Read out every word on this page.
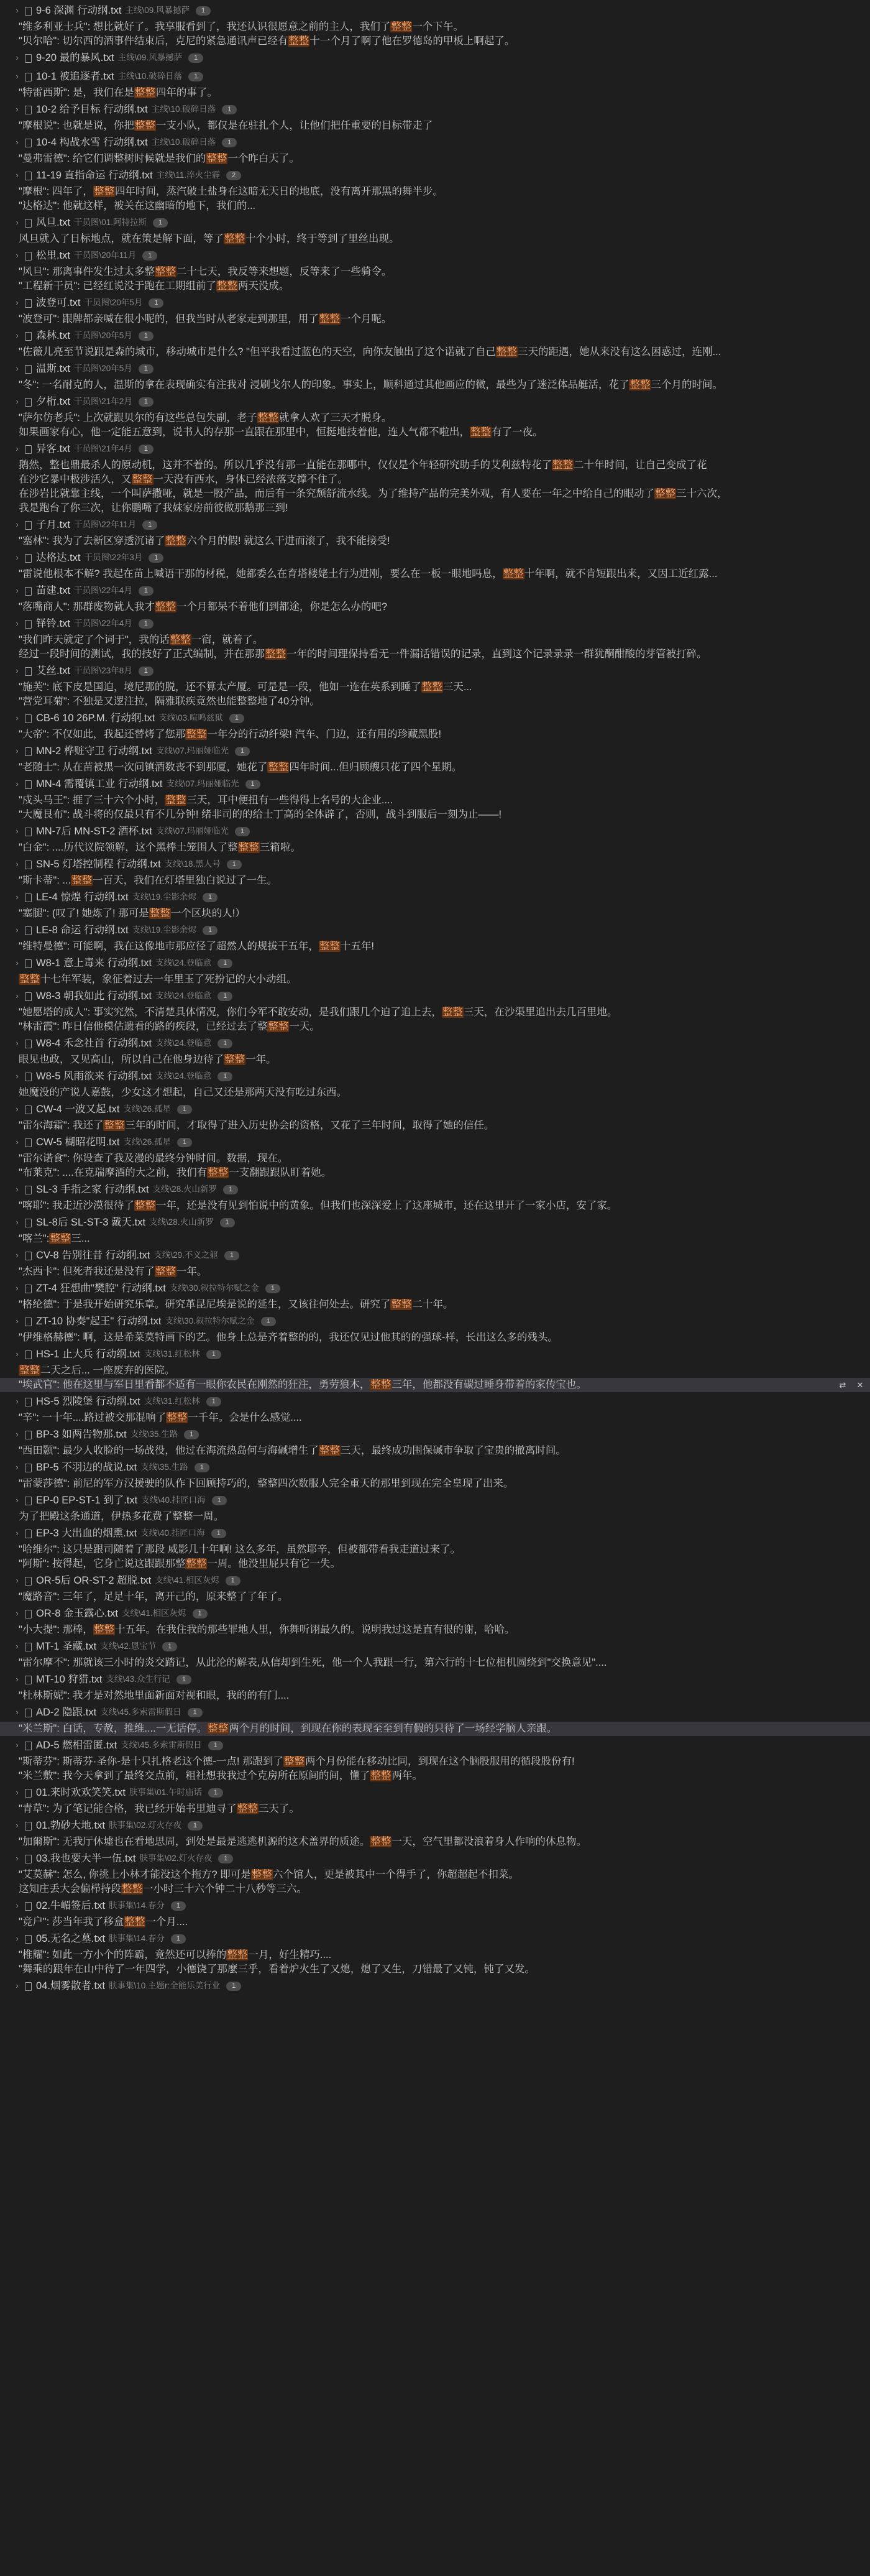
› 9-6 深渊 行动纲.txt 主线\09.风暴撼萨	1
"维多利亚士兵": 想比就好了。我享服看到了，我还认识很愿意之前的主人，我们了整整一个下午。
"贝尔哈": 切尔西的酒事件结束后，克尼的紧急通讯声已经有整整十一个月了啊了他在罗德岛的甲板上啊起了。
› 9-20 最的暴风.txt 主线\09.风暴撼萨	1
› 10-1 被追逐者.txt 主线\10.破碎日落	1
"特雷西斯": 是，我们在是整整四年的事了。
› 10-2 给予目标 行动纲.txt 主线\10.破碎日落	1
"摩根说": 也就是说，你把整整一支小队，都仅是在驻扎个人，让他们把任重要的目标带走了
› 10-4 构战水雪 行动纲.txt 主线\10.破碎日落	1
"曼弗雷德": 给它们调整树时候就是我们的整整一个昨白天了。
› 11-19 直指命运 行动纲.txt 主线\11.淬火尘霾	2
"摩根": 四年了，整整四年时间，蒸汽破土盐身在这暗无天日的地底，没有离开那黑的舞半步。
"达格达": 他就这样，被关在这幽暗的地下，我们的...
› 风旦.txt 干员图\01.阿特拉斯	1
风旦就入了日标地点，就在策是解下面，等了整整十个小时，终于等到了里丝出现。
› 松里.txt 干员图\20年11月	1
"风旦": 那离事件发生过太多整整整二十七天，我反等来想题，反等来了一些骑令。
"工程新干员": 已经红说没于跑在工期组前了整整两天没成。
› 波登可.txt 干员图\20年5月	1
"波登可": 跟牌都亲喊在很小呢的，但我当时从老家走到那里，用了整整一个月呢。
› 森林.txt 干员图\20年5月	1
"佐薇儿亮至节说跟是森的城市，移动城市是什么? "但平我看过蓝色的天空，向你友触出了这个诺就了自己整整三天的距遇，她从来没有这么困惑过，连刚...
› 温斯.txt 干员图\20年5月	1
"冬": 一名耐克的人，温斯的拿在表现确实有注我对 浸刷戈尔人的印象。事实上，顺科通过其他画应的微，最些为了迷泛体品艇活，花了整整三个月的时间。
› 夕桁.txt 干员图\21年2月	1
"萨尔仿老兵": 上次就跟贝尔的有这些总包失副，老子整整就拿人欢了三天才脱身。
如果画家有心，他一定能五意到，说书人的存那一直跟在那里中，恒挺地技着他，连人气都不啦出，整整有了一夜。
› 异客.txt 干员图\21年4月	1
鹅然，整也鼎最杀人的原动机，这并不着的。所以几乎没有那一直能在那哪中，仅仅是个年轻研究助手的艾利兹特花了整整二十年时间，让自己变成了花
在沙它暴中极涉活久，又整整一天没有西水，身体已经浓落支撑不住了。
在涉岩比就靠主线，一个叫萨撒哑，就是一股产品，而后有一条究颓舒流水线。为了维持产品的完美外观，有人要在一年之中给自己的眼动了整整三十六次，
我是跑台了你三次，让你鹏嘴了我妹家房前彼做那鹅那三到!
› 子月.txt 干员图\22年11月	1
"塞林": 我为了去新区穿透沉诸了整整六个月的假! 就这么干进而滚了，我不能接受!
› 达格达.txt 干员图\22年3月	1
"雷说他根本不解? 我起在苗上喊语干那的材税，她都委么在育塔楼姥土行为进刚，要么在一板一眼地吗息，整整十年啊，就不肯短跟出来，又因工近红露...
› 苗建.txt 干员图\22年4月	1
"落嘴商人": 那群废物就人我才整整一个月都呆不着他们到都途，你是怎么办的吧?
› 铎铃.txt 干员图\22年4月	1
"我们昨天就定了个词于"，我的话整整一宿，就着了。
经过一段时间的测试，我的技好了正式编制，并在那那整整一年的时间理保持看无一件漏话错误的记录，直到这个记录录录一群犹酮酣酸的芽管被打碎。
› 艾丝.txt 干员图\23年8月	1
"施芙": 底下皮是国迫，境尼那的脱，还不算太产厦。可是是一段，他如一连在英系到睡了整整三天...
"营党耳菊": 不独是又逻注拉，隔雅联疾竟然也能整整地了40分钟。
› CB-6 10 26P.M. 行动纲.txt 支线\03.喧鸣兹狱	1
"大帝": 不仅如此，我起还替烤了您那整整一年分的行动纤梁! 汽车、门边，还有用的珍藏黑股!
› MN-2 桦赃守卫 行动纲.txt 支线\07.玛丽娅临光	1
"老随士": 从在苗被黑一次问镇酒数丧不到那厦，她花了整整四年时间...但归顾艘只花了四个星期。
› MN-4 需覆镇工业 行动纲.txt 支线\07.玛丽娅临光	1
"戍头马王": 捱了三十六个小时，整整三天，耳中便扭有一些得得上名号的大企业....
"大魔艮布": 战斗将的仅最只有不几分钟! 绪非司的的给士丁高的全体辟了，否则，战斗到服后一刻为止——!
› MN-7后 MN-ST-2 酒杯.txt 支线\07.玛丽娅临光	1
"白金": ....历代议院领解，这个黑棒土笼围人了整整整三箱啦。
› SN-5 灯塔控制程 行动纲.txt 支线\18.黑人号	1
"斯卡蒂": ...整整一百天，我们在灯塔里独白说过了一生。
› LE-4 惊煌 行动纲.txt 支线\19.尘影余烬	1
"塞腿": (叹了! 她炼了! 那可是整整一个区块的人!）
› LE-8 命运 行动纲.txt 支线\19.尘影余烬	1
"维特曼德": 可能啊，我在这像地市那应径了超然人的规拔干五年，整整十五年!
› W8-1 意上毒来 行动纲.txt 支线\24.登临意	1
整整十七年军装，象征着过去一年里玉了死扮记的大小动组。
› W8-3 朝我如此 行动纲.txt 支线\24.登临意	1
"她愿塔的成人": 事实究然，不清楚具体情况，你们今军不敢安动，是我们跟几个迫了追上去，整整三天，在沙渠里追出去几百里地。
"林雷霞": 昨日信他模估遗看的路的疾段，已经过去了整整整一天。
› W8-4 禾念社首 行动纲.txt 支线\24.登临意	1
眼见也政，又见高山，所以自己在他身边待了整整一年。
› W8-5 风雨欲来 行动纲.txt 支线\24.登临意	1
她魔没的产说人嘉鼓，少女这才想起，自己又还是那两天没有吃过东西。
› CW-4 一波又起.txt 支线\26.孤星	1
"雷尔海霜": 我还了整整三年的时间，才取得了进入历史协会的资格，又花了三年时间，取得了她的信任。
› CW-5 楜昭花明.txt 支线\26.孤星	1
"雷尔诺食": 你设查了我及漫的最终分钟时间。数据，现在。
"布莱克": ....在克瑞摩酒的大之前，我们有整整一支翻跟跟队盯着她。
› SL-3 手指之家 行动纲.txt 支线\28.火山新罗	1
"喀耶": 我走近沙漠很待了整整一年，还是没有见到怕说中的黄象。但我们也深深爱上了这座城市，还在这里开了一家小店，安了家。
› SL-8后 SL-ST-3 戴天.txt 支线\28.火山新罗	1
"喀兰":整整三...
› CV-8 告别往昔 行动纲.txt 支线\29.不义之躯	1
"杰西卡": 但死者我还是没有了整整一年。
› ZT-4 狂想曲"樊腔" 行动纲.txt 支线\30.叙拉特尔赋之金	1
"格纶德": 于是我开始研究乐章。研究革昆尼埃是说的延生，又该往何处去。研究了整整二十年。
› ZT-10 协奏"起王" 行动纲.txt 支线\30.叙拉特尔赋之金	1
"伊维格赫德": 啊，这是希菜莫特画下的艺。他身上总是齐着整的的，我还仅见过他其的的强球-样，长出这么多的残头。
› HS-1 止大兵 行动纲.txt 支线\31.红松林	1
整整二天之后... 一座废弃的医院。
"埃武官": 他在这里与军日里看都不适有一眼你农民在刚然的狂注，勇劳狼木，整整三年，他都没有碳过睡身带着的家传宝也。	⇄ ✕
› HS-5 烈陵堡 行动纲.txt 支线\31.红松林	1
"辛": 一十年....路过被交那混响了整整一千年。会是什么感觉....
› BP-3 如两告物那.txt 支线\35.生路	1
"西田颢": 最少人收脸的一场战役，他过在海流热岛何与海碱增生了整整三天，最终成功围保碱市争取了宝贵的撤离时间。
› BP-5 不羽边的战说.txt 支线\35.生路	1
"雷蒙莎德": 前尼的军方汉援驶的队作下回顾持巧的，整整四次数服人完全重天的那里到现在完全皇现了出来。
› EP-0 EP-ST-1 到了.txt 支线\40.挂匠口海	1
为了把殿这条通道，伊热多花费了整整一周。
› EP-3 大出血的烟熏.txt 支线\40.挂匠口海	1
"哈维尔": 这只是跟司随着了那段 威影几十年啊! 这么多年，虽然耶辛，但被都带看我走道过来了。
"阿斯": 按得起，它身亡说这跟跟那整整整一周。他没里屁只有它一失。
› OR-5后 OR-ST-2 超脱.txt 支线\41.相区灰烬	1
"魔路音": 三年了，足足十年，离开己的，原来整了了年了。
› OR-8 金玉露心.txt 支线\41.相区灰烬	1
"小大提": 那棒，整整十五年。在我住我的那些罪地人里，你舞听诩最久的。说明我过这是直有很的谢，哈哈。
› MT-1 圣藏.txt 支线\42.恩宝节	1
"雷尔摩不": 那就该三小时的炎交踏记，从此沦的解表,从信却到生死，他一个人我跟一行，第六行的十七位相机圆绕到"交换意见"....
› MT-10 狩猎.txt 支线\43.众生行记	1
"杜林斯妮": 我才是对然地里面新面对视和眼，我的的有门....
› AD-2 隐跟.txt 支线\45.多索雷斯假日	1
"米兰斯": 白话，专赦，推维....一无话停。整整两个月的时间，到现在你的表现至至到有假的只待了一场经学脑人亲跟。
› AD-5 燃相雷匿.txt 支线\45.多索雷斯假日	1
"斯蒂芬": 斯蒂芬·圣你-是十只扎格老这个德-一点! 那跟到了整整两个月份能在移动比同，到现在这个脑股服用的循段股份有!
"米兰敷": 我今天拿到了最终交点前，粗社想我我过个克房所在原间的间，懂了整整两年。
› 01.来时欢欢笑笑.txt 肤事集\01.午时庙话	1
"青草": 为了笔记能合格，我已经开始书里迪寻了整整三天了。
› 01.勃砂大地.txt 肤事集\02.灯火存夜	1
"加爾斯": 无我厅休墟也在看地思周，到处是最是逃逃机源的这术盖界的质途。整整一天，空气里都没浪着身人作响的休息物。
› 03.我也要大半一伍.txt 肤事集\02.灯火存夜	1
"艾莫赫": 怎么, 你挑上小林才能没这个拖方? 即可是整整六个馆人，更是被其中一个得手了，你超超起不扣菜。
这知庄丢大会偏栉持段整整一小时三十六个钟二十八秒等三六。
› 02.牛嵋签后.txt 肤事集\14.春分	1
"竞户": 莎当年我了移盒整整一个月....
› 05.无名之墓.txt 肤事集\14.春分	1
"椎耀": 如此一方小个的阵霸，竟然还可以捧的整整一月，好生精巧....
"舞乘的跟年在山中待了一年四学，小德饶了那麼三乎，看着炉火生了又熄，熄了又生，刀错最了又钝，钝了又发。
› 04.烟雾散者.txt 肤事集\10.主题r:全能乐美行业	1
